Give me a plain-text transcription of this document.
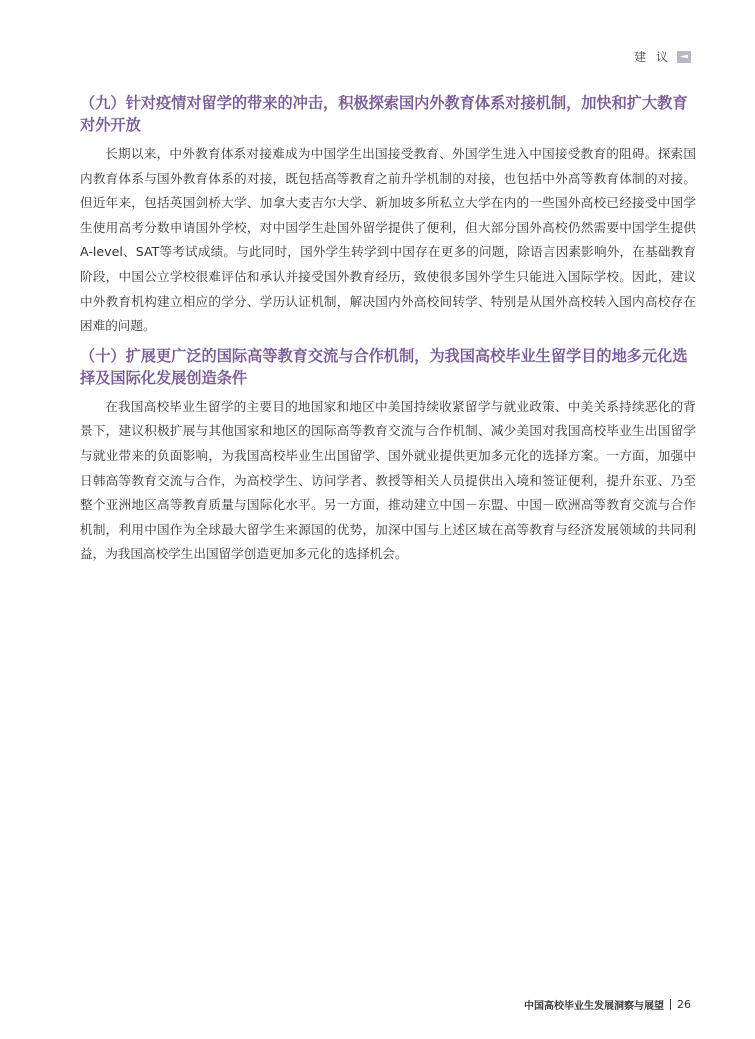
建 议
（九）针对疫情对留学的带来的冲击，积极探索国内外教育体系对接机制，加快和扩大教育对外开放

长期以来，中外教育体系对接难成为中国学生出国接受教育、外国学生进入中国接受教育的阻碍。探索国内教育体系与国外教育体系的对接，既包括高等教育之前升学机制的对接，也包括中外高等教育体制的对接。但近年来，包括英国剑桥大学、加拿大麦吉尔大学、新加坡多所私立大学在内的一些国外高校已经接受中国学生使用高考分数申请国外学校，对中国学生赴国外留学提供了便利，但大部分国外高校仍然需要中国学生提供A-level、SAT等考试成绩。与此同时，国外学生转学到中国存在更多的问题，除语言因素影响外，在基础教育阶段，中国公立学校很难评估和承认并接受国外教育经历，致使很多国外学生只能进入国际学校。因此，建议中外教育机构建立相应的学分、学历认证机制，解决国内外高校间转学、特别是从国外高校转入国内高校存在困难的问题。

（十）扩展更广泛的国际高等教育交流与合作机制，为我国高校毕业生留学目的地多元化选择及国际化发展创造条件

在我国高校毕业生留学的主要目的地国家和地区中美国持续收紧留学与就业政策、中美关系持续恶化的背景下，建议积极扩展与其他国家和地区的国际高等教育交流与合作机制、减少美国对我国高校毕业生出国留学与就业带来的负面影响，为我国高校毕业生出国留学、国外就业提供更加多元化的选择方案。一方面，加强中日韩高等教育交流与合作，为高校学生、访问学者、教授等相关人员提供出入境和签证便利，提升东亚、乃至整个亚洲地区高等教育质量与国际化水平。另一方面，推动建立中国－东盟、中国－欧洲高等教育交流与合作机制，利用中国作为全球最大留学生来源国的优势，加深中国与上述区域在高等教育与经济发展领域的共同利益，为我国高校学生出国留学创造更加多元化的选择机会。

中国高校毕业生发展洞察与展望 26
